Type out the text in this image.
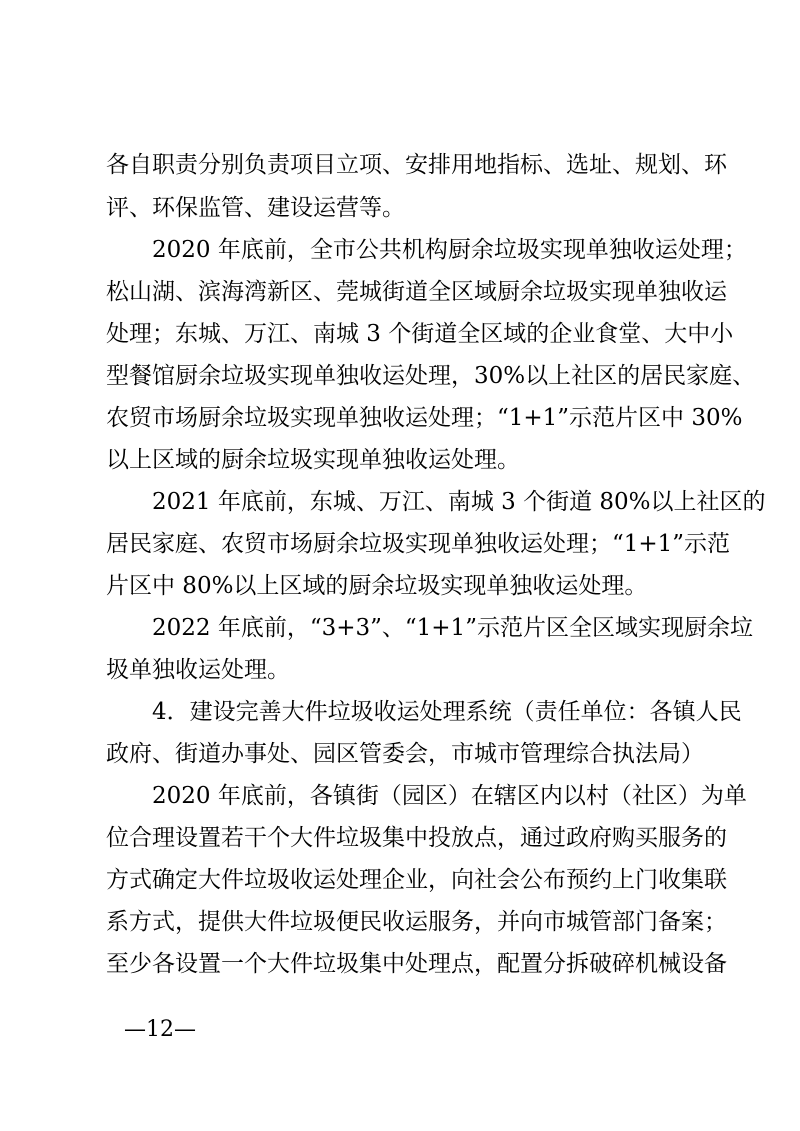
各自职责分别负责项目立项、安排用地指标、选址、规划、环
评、环保监管、建设运营等。
2020 年底前，全市公共机构厨余垃圾实现单独收运处理；
松山湖、滨海湾新区、莞城街道全区域厨余垃圾实现单独收运
处理；东城、万江、南城 3 个街道全区域的企业食堂、大中小
型餐馆厨余垃圾实现单独收运处理，30%以上社区的居民家庭、
农贸市场厨余垃圾实现单独收运处理；“1+1”示范片区中 30%
以上区域的厨余垃圾实现单独收运处理。
2021 年底前，东城、万江、南城 3 个街道 80%以上社区的
居民家庭、农贸市场厨余垃圾实现单独收运处理；“1+1”示范
片区中 80%以上区域的厨余垃圾实现单独收运处理。
2022 年底前，“3+3”、“1+1”示范片区全区域实现厨余垃
圾单独收运处理。
4．建设完善大件垃圾收运处理系统（责任单位：各镇人民
政府、街道办事处、园区管委会，市城市管理综合执法局）
2020 年底前，各镇街（园区）在辖区内以村（社区）为单
位合理设置若干个大件垃圾集中投放点，通过政府购买服务的
方式确定大件垃圾收运处理企业，向社会公布预约上门收集联
系方式，提供大件垃圾便民收运服务，并向市城管部门备案；
至少各设置一个大件垃圾集中处理点，配置分拆破碎机械设备
—12—
